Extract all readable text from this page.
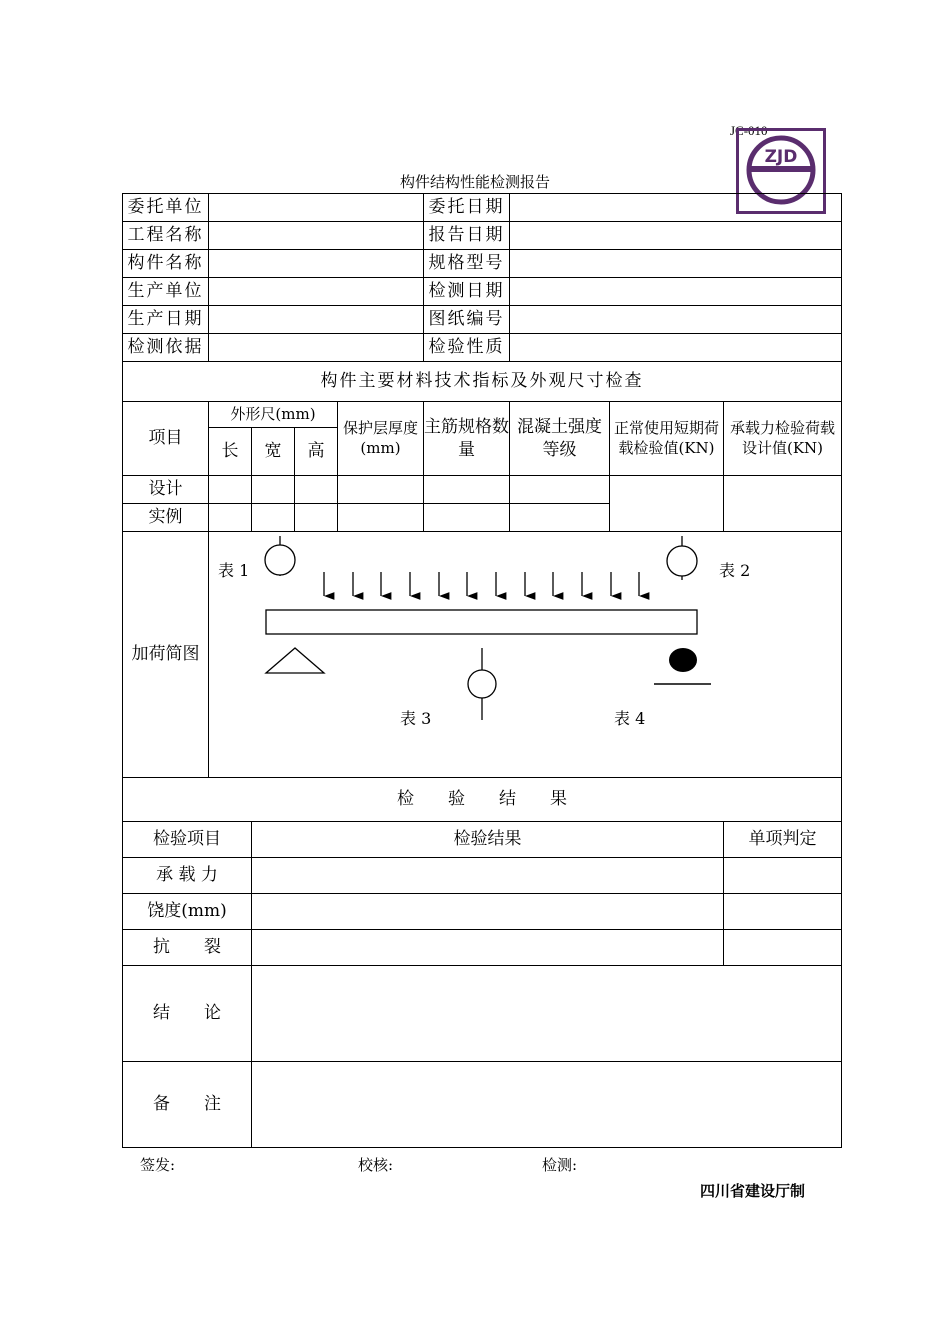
JC-010
ZJD
构件结构性能检测报告
委托单位					委托日期			
工程名称					报告日期			
构件名称					规格型号			
生产单位					检测日期			
生产日期					图纸编号			
检测依据					检验性质			
构件主要材料技术指标及外观尺寸检查								
项目	外形尺(mm)			保护层厚度(mm)	主筋规格数量	混凝土强度等级	正常使用短期荷载检验值(KN)	承载力检验荷载设计值(KN)
	长	宽	高					
设计								
实例								
加荷简图	表 1 表 2
表 3 表 4							

检　　验　　结　　果								
检验项目		检验结果						单项判定
承 载 力								
饶度(mm)								
抗　　裂								
结　　论								
备　　注								
签发:	校核:	检测:
四川省建设厅制
